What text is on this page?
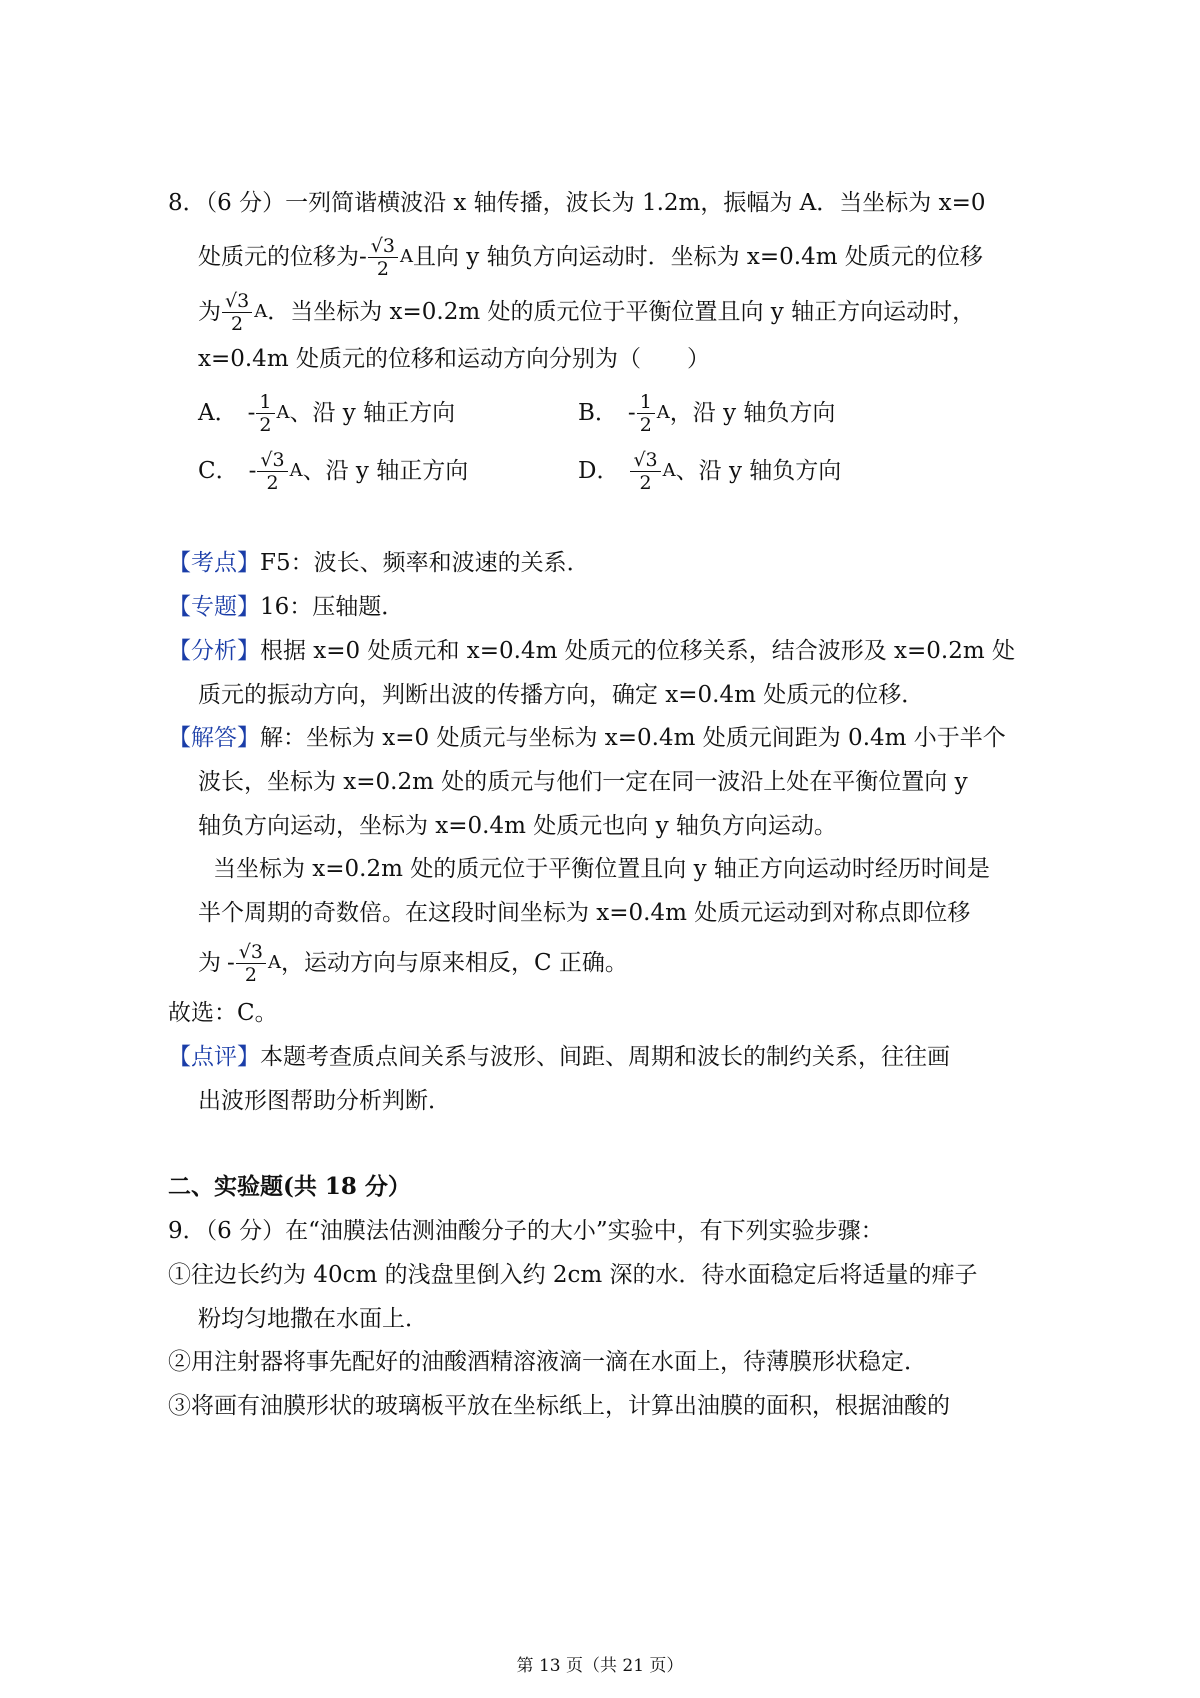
8．（6 分）一列简谐横波沿 x 轴传播，波长为 1.2m，振幅为 A．当坐标为 x=0
处质元的位移为 - $\frac{√3}{2}$ A 且向 y 轴负方向运动时．坐标为 x=0.4m 处质元的位移
为 $\frac{√3}{2}$ A ．当坐标为 x=0.2m 处的质元位于平衡位置且向 y 轴正方向运动时，
x=0.4m 处质元的位移和运动方向分别为（　　）
A． - $\frac{1}{2}$ A 、沿 y 轴正方向	B． - $\frac{1}{2}$ A ，沿 y 轴负方向
C． - $\frac{√3}{2}$ A 、沿 y 轴正方向	D． $\frac{√3}{2}$ A 、沿 y 轴负方向
【考点】F5：波长、频率和波速的关系．
【专题】16：压轴题．
【分析】根据 x=0 处质元和 x=0.4m 处质元的位移关系，结合波形及 x=0.2m 处
质元的振动方向，判断出波的传播方向，确定 x=0.4m 处质元的位移．
【解答】解：坐标为 x=0 处质元与坐标为 x=0.4m 处质元间距为 0.4m 小于半个
波长，坐标为 x=0.2m 处的质元与他们一定在同一波沿上处在平衡位置向 y
轴负方向运动，坐标为 x=0.4m 处质元也向 y 轴负方向运动。
当坐标为 x=0.2m 处的质元位于平衡位置且向 y 轴正方向运动时经历时间是
半个周期的奇数倍。在这段时间坐标为 x=0.4m 处质元运动到对称点即位移
为 - $\frac{√3}{2}$ A ，运动方向与原来相反，C 正确。
故选：C。
【点评】本题考查质点间关系与波形、间距、周期和波长的制约关系，往往画
出波形图帮助分析判断．
二、实验题(共 18 分）
9．（6 分）在“油膜法估测油酸分子的大小”实验中，有下列实验步骤：
①往边长约为 40cm 的浅盘里倒入约 2cm 深的水．待水面稳定后将适量的痱子
粉均匀地撒在水面上．
②用注射器将事先配好的油酸酒精溶液滴一滴在水面上，待薄膜形状稳定．
③将画有油膜形状的玻璃板平放在坐标纸上，计算出油膜的面积，根据油酸的
第 13 页（共 21 页）
